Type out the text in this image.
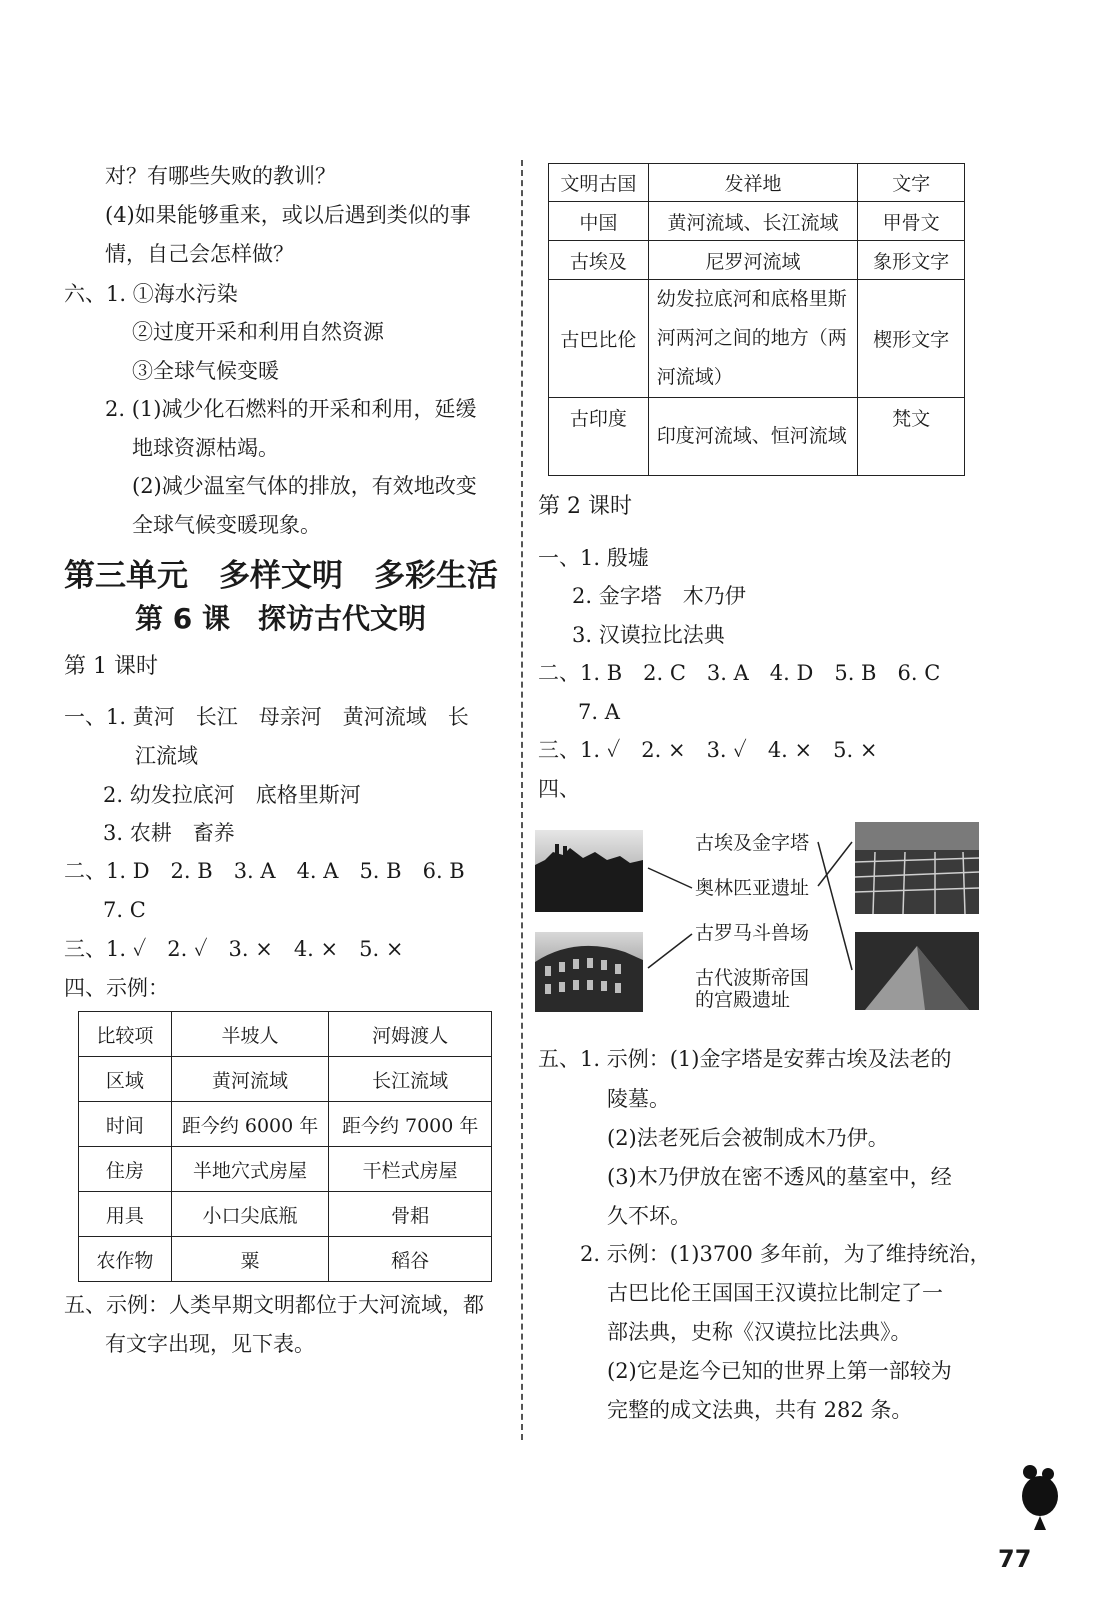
对？有哪些失败的教训？
(4)如果能够重来，或以后遇到类似的事
情，自己会怎样做？
六、1. ①海水污染
②过度开采和利用自然资源
③全球气候变暖
2. (1)减少化石燃料的开采和利用，延缓
地球资源枯竭。
(2)减少温室气体的排放，有效地改变
全球气候变暖现象。
第三单元　多样文明　多彩生活
第 6 课　探访古代文明
第 1 课时
一、1. 黄河　长江　母亲河　黄河流域　长
江流域
2. 幼发拉底河　底格里斯河
3. 农耕　畜养
二、1. D　2. B　3. A　4. A　5. B　6. B
7. C
三、1. ✓　2. ✓　3. ×　4. ×　5. ×
四、示例：
比较项	半坡人	河姆渡人
区域	黄河流域	长江流域
时间	距今约 6000 年	距今约 7000 年
住房	半地穴式房屋	干栏式房屋
用具	小口尖底瓶	骨耜
农作物	粟	稻谷
五、示例：人类早期文明都位于大河流域，都
有文字出现，见下表。
文明古国	发祥地	文字
中国	黄河流域、长江流域	甲骨文
古埃及	尼罗河流域	象形文字
古巴比伦	幼发拉底河和底格里斯河两河之间的地方（两河流域）	楔形文字
古印度	印度河流域、恒河流域	梵文
第 2 课时
一、1. 殷墟
2. 金字塔　木乃伊
3. 汉谟拉比法典
二、1. B　2. C　3. A　4. D　5. B　6. C
7. A
三、1. ✓　2. ×　3. ✓　4. ×　5. ×
四、
古埃及金字塔
奥林匹亚遗址
古罗马斗兽场
古代波斯帝国
的宫殿遗址
五、1. 示例：(1)金字塔是安葬古埃及法老的
陵墓。
(2)法老死后会被制成木乃伊。
(3)木乃伊放在密不透风的墓室中，经
久不坏。
2. 示例：(1)3700 多年前，为了维持统治，
古巴比伦王国国王汉谟拉比制定了一
部法典，史称《汉谟拉比法典》。
(2)它是迄今已知的世界上第一部较为
完整的成文法典，共有 282 条。
77
